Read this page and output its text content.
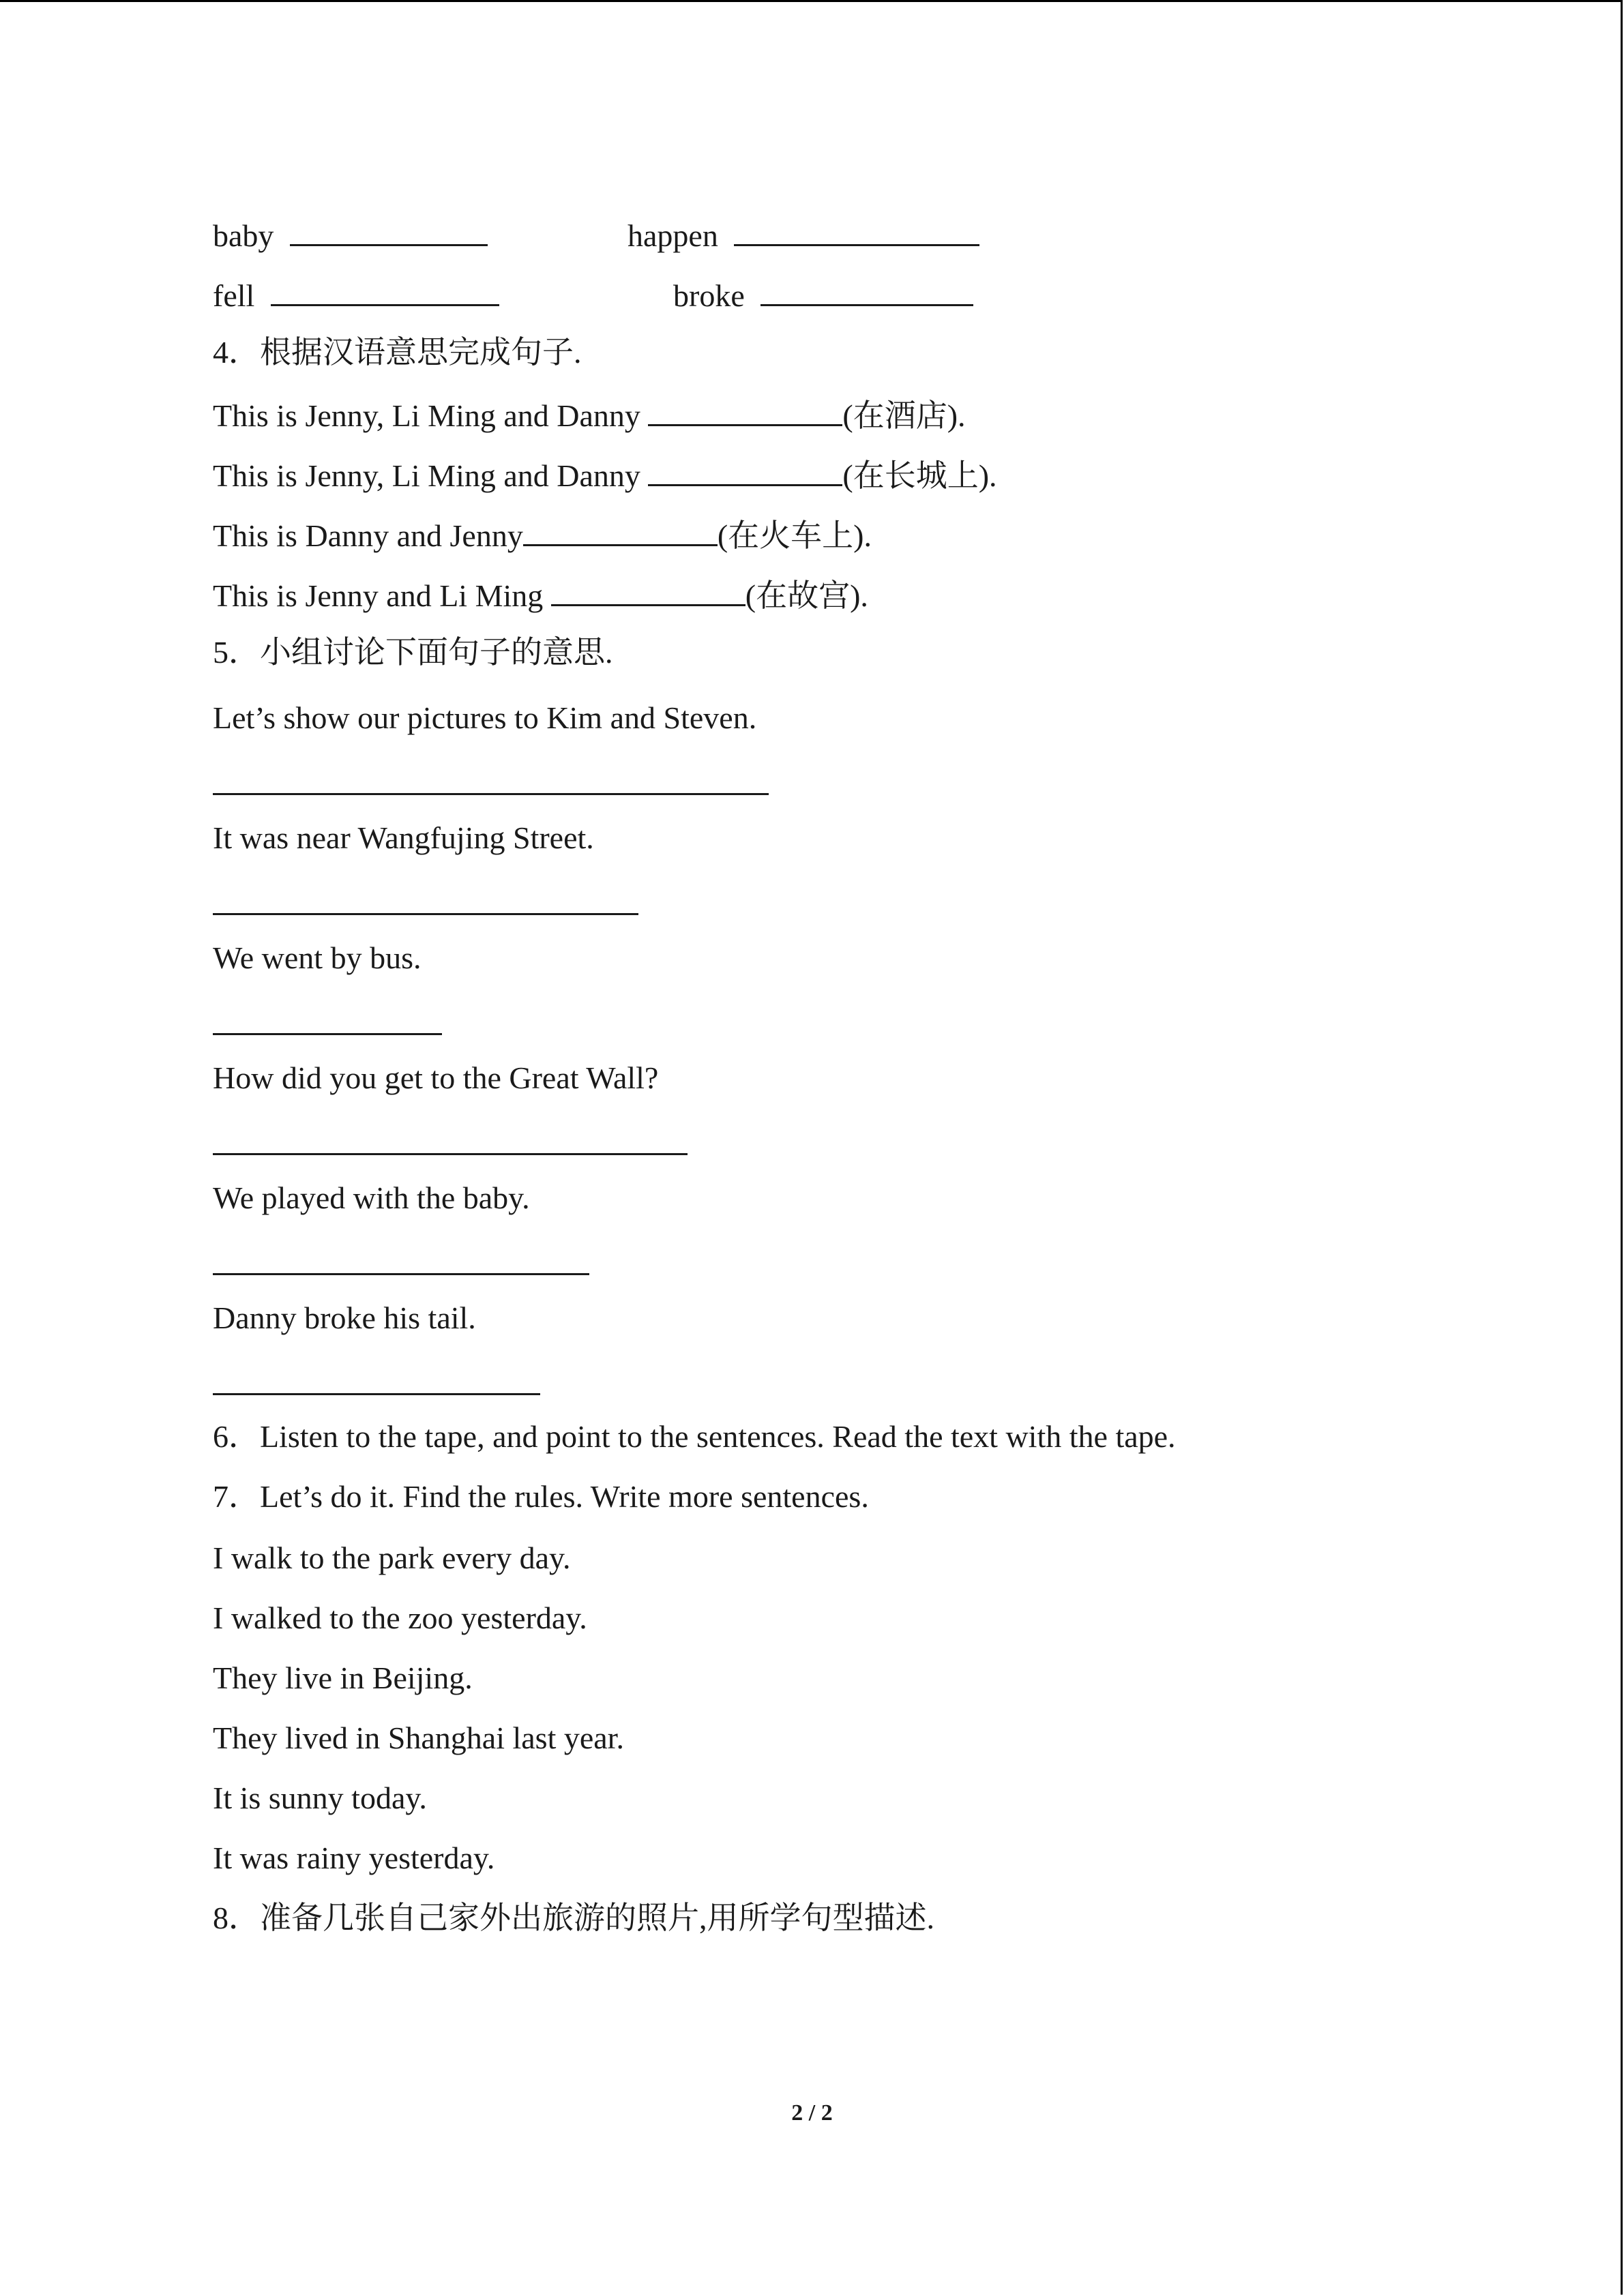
baby	happen
fell	broke
4．根据汉语意思完成句子.
This is Jenny, Li Ming and Danny	(在酒店).
This is Jenny, Li Ming and Danny	(在长城上).
This is Danny and Jenny	(在火车上).
This is Jenny and Li Ming	(在故宫).
5．小组讨论下面句子的意思.
Let’s show our pictures to Kim and Steven.
It was near Wangfujing Street.
We went by bus.
How did you get to the Great Wall?
We played with the baby.
Danny broke his tail.
6．Listen to the tape, and point to the sentences. Read the text with the tape.
7．Let’s do it. Find the rules. Write more sentences.
I walk to the park every day.
I walked to the zoo yesterday.
They live in Beijing.
They lived in Shanghai last year.
It is sunny today.
It was rainy yesterday.
8．准备几张自己家外出旅游的照片,用所学句型描述.
2 / 2
